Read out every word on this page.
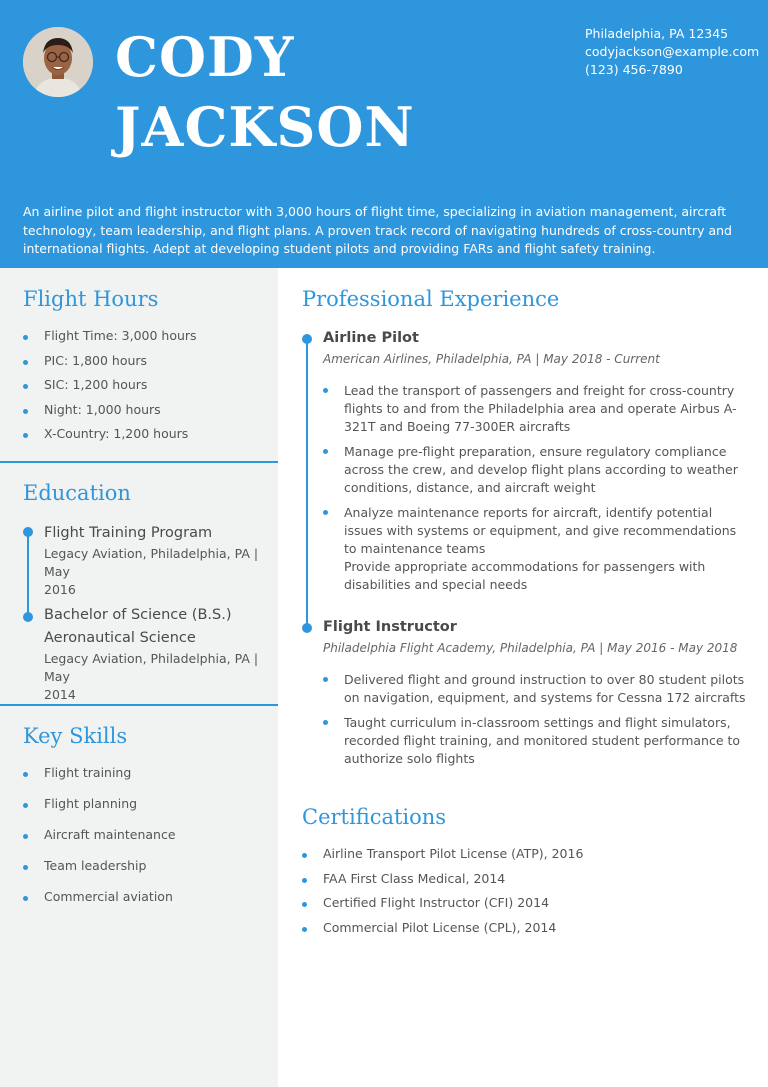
CODY
JACKSON
Philadelphia, PA 12345
codyjackson@example.com
(123) 456-7890
An airline pilot and flight instructor with 3,000 hours of flight time, specializing in aviation management, aircraft technology, team leadership, and flight plans. A proven track record of navigating hundreds of cross-country and international flights. Adept at developing student pilots and providing FARs and flight safety training.
Flight Hours
Flight Time: 3,000 hours
PIC: 1,800 hours
SIC: 1,200 hours
Night: 1,000 hours
X-Country: 1,200 hours
Education
Flight Training Program
Legacy Aviation, Philadelphia, PA | May
2016
Bachelor of Science (B.S.)
Aeronautical Science
Legacy Aviation, Philadelphia, PA | May
2014
Key Skills
Flight training
Flight planning
Aircraft maintenance
Team leadership
Commercial aviation
Professional Experience
Airline Pilot
American Airlines, Philadelphia, PA | May 2018 - Current
Lead the transport of passengers and freight for cross-country flights to and from the Philadelphia area and operate Airbus A-321T and Boeing 77-300ER aircrafts
Manage pre-flight preparation, ensure regulatory compliance across the crew, and develop flight plans according to weather conditions, distance, and aircraft weight
Analyze maintenance reports for aircraft, identify potential issues with systems or equipment, and give recommendations to maintenance teams
Provide appropriate accommodations for passengers with disabilities and special needs
Flight Instructor
Philadelphia Flight Academy, Philadelphia, PA | May 2016 - May 2018
Delivered flight and ground instruction to over 80 student pilots on navigation, equipment, and systems for Cessna 172 aircrafts
Taught curriculum in-classroom settings and flight simulators, recorded flight training, and monitored student performance to authorize solo flights
Certifications
Airline Transport Pilot License (ATP), 2016
FAA First Class Medical, 2014
Certified Flight Instructor (CFI) 2014
Commercial Pilot License (CPL), 2014
